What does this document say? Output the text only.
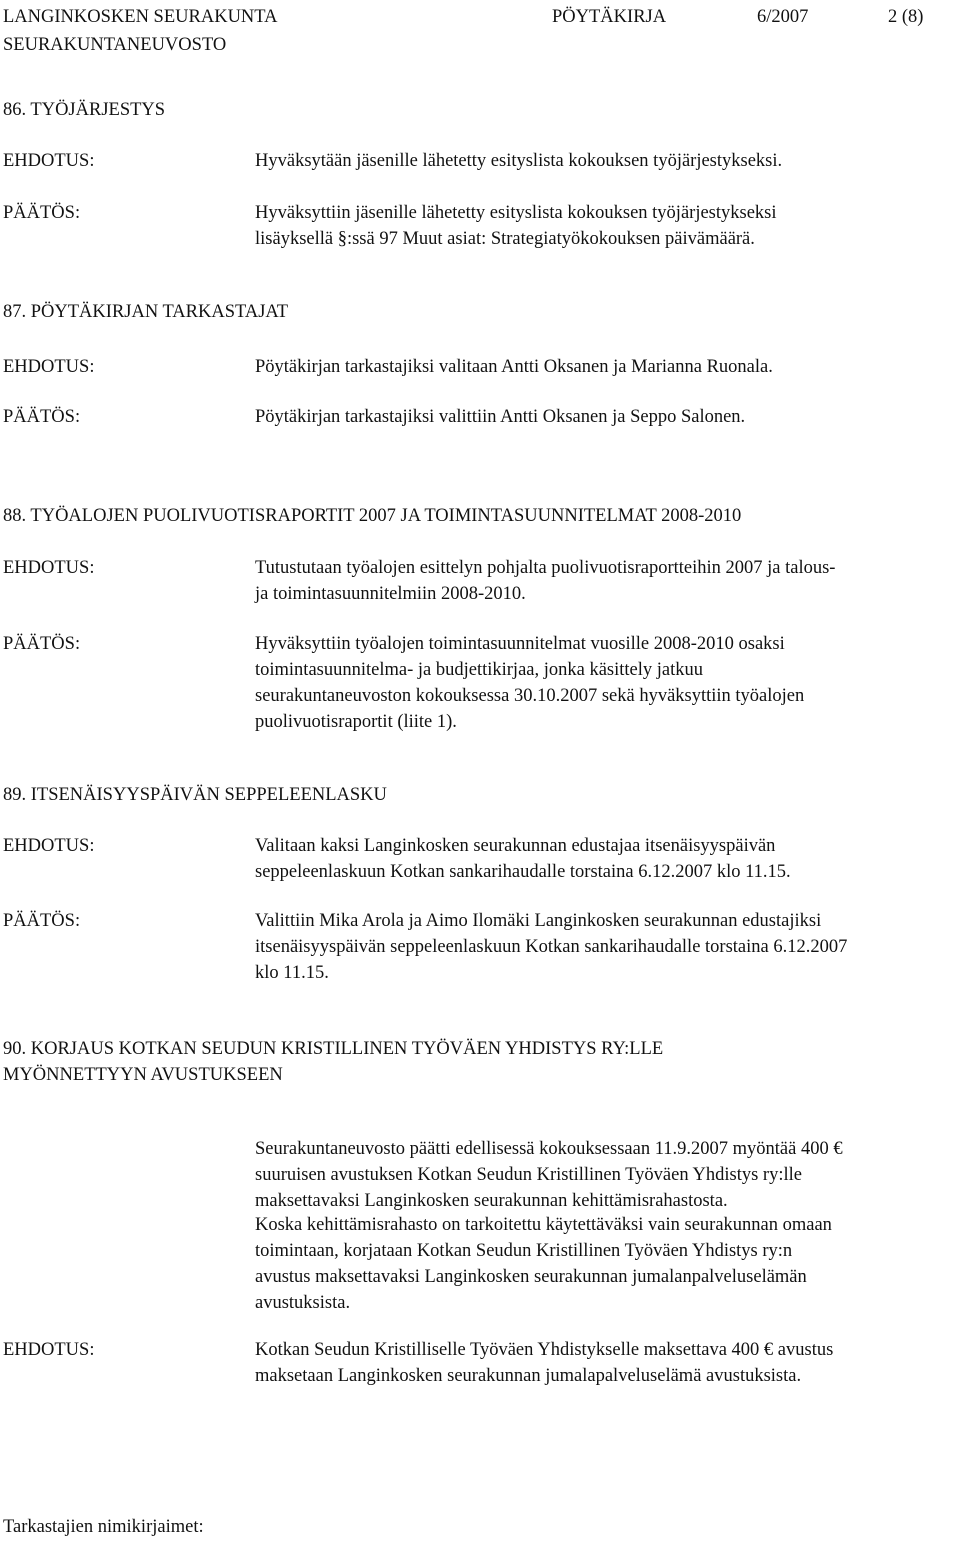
LANGINKOSKEN SEURAKUNTA	PÖYTÄKIRJA	6/2007	2 (8)
SEURAKUNTANEUVOSTO
86. TYÖJÄRJESTYS
EHDOTUS:	Hyväksytään jäsenille lähetetty esityslista kokouksen työjärjestykseksi.
PÄÄTÖS:	Hyväksyttiin jäsenille lähetetty esityslista kokouksen työjärjestykseksi
lisäyksellä §:ssä 97 Muut asiat: Strategiatyökokouksen päivämäärä.
87. PÖYTÄKIRJAN TARKASTAJAT
EHDOTUS:	Pöytäkirjan tarkastajiksi valitaan Antti Oksanen ja Marianna Ruonala.
PÄÄTÖS:	Pöytäkirjan tarkastajiksi valittiin Antti Oksanen ja Seppo Salonen.
88. TYÖALOJEN PUOLIVUOTISRAPORTIT 2007 JA TOIMINTASUUNNITELMAT 2008-2010
EHDOTUS:	Tutustutaan työalojen esittelyn pohjalta puolivuotisraportteihin 2007 ja talous-
ja toimintasuunnitelmiin 2008-2010.
PÄÄTÖS:	Hyväksyttiin työalojen toimintasuunnitelmat vuosille 2008-2010 osaksi
toimintasuunnitelma- ja budjettikirjaa, jonka käsittely jatkuu
seurakuntaneuvoston kokouksessa 30.10.2007 sekä hyväksyttiin työalojen
puolivuotisraportit (liite 1).
89. ITSENÄISYYSPÄIVÄN SEPPELEENLASKU
EHDOTUS:	Valitaan kaksi Langinkosken seurakunnan edustajaa itsenäisyyspäivän
seppeleenlaskuun Kotkan sankarihaudalle torstaina 6.12.2007 klo 11.15.
PÄÄTÖS:	Valittiin Mika Arola ja Aimo Ilomäki Langinkosken seurakunnan edustajiksi
itsenäisyyspäivän seppeleenlaskuun Kotkan sankarihaudalle torstaina 6.12.2007
klo 11.15.
90. KORJAUS KOTKAN SEUDUN KRISTILLINEN TYÖVÄEN YHDISTYS RY:LLE
MYÖNNETTYYN AVUSTUKSEEN
Seurakuntaneuvosto päätti edellisessä kokouksessaan 11.9.2007 myöntää 400 €
suuruisen avustuksen Kotkan Seudun Kristillinen Työväen Yhdistys ry:lle
maksettavaksi Langinkosken seurakunnan kehittämisrahastosta.
Koska kehittämisrahasto on tarkoitettu käytettäväksi vain seurakunnan omaan
toimintaan, korjataan Kotkan Seudun Kristillinen Työväen Yhdistys ry:n
avustus maksettavaksi Langinkosken seurakunnan jumalanpalveluselämän
avustuksista.
EHDOTUS:	Kotkan Seudun Kristilliselle Työväen Yhdistykselle maksettava 400 € avustus
maksetaan Langinkosken seurakunnan jumalapalveluselämä avustuksista.
Tarkastajien nimikirjaimet:
